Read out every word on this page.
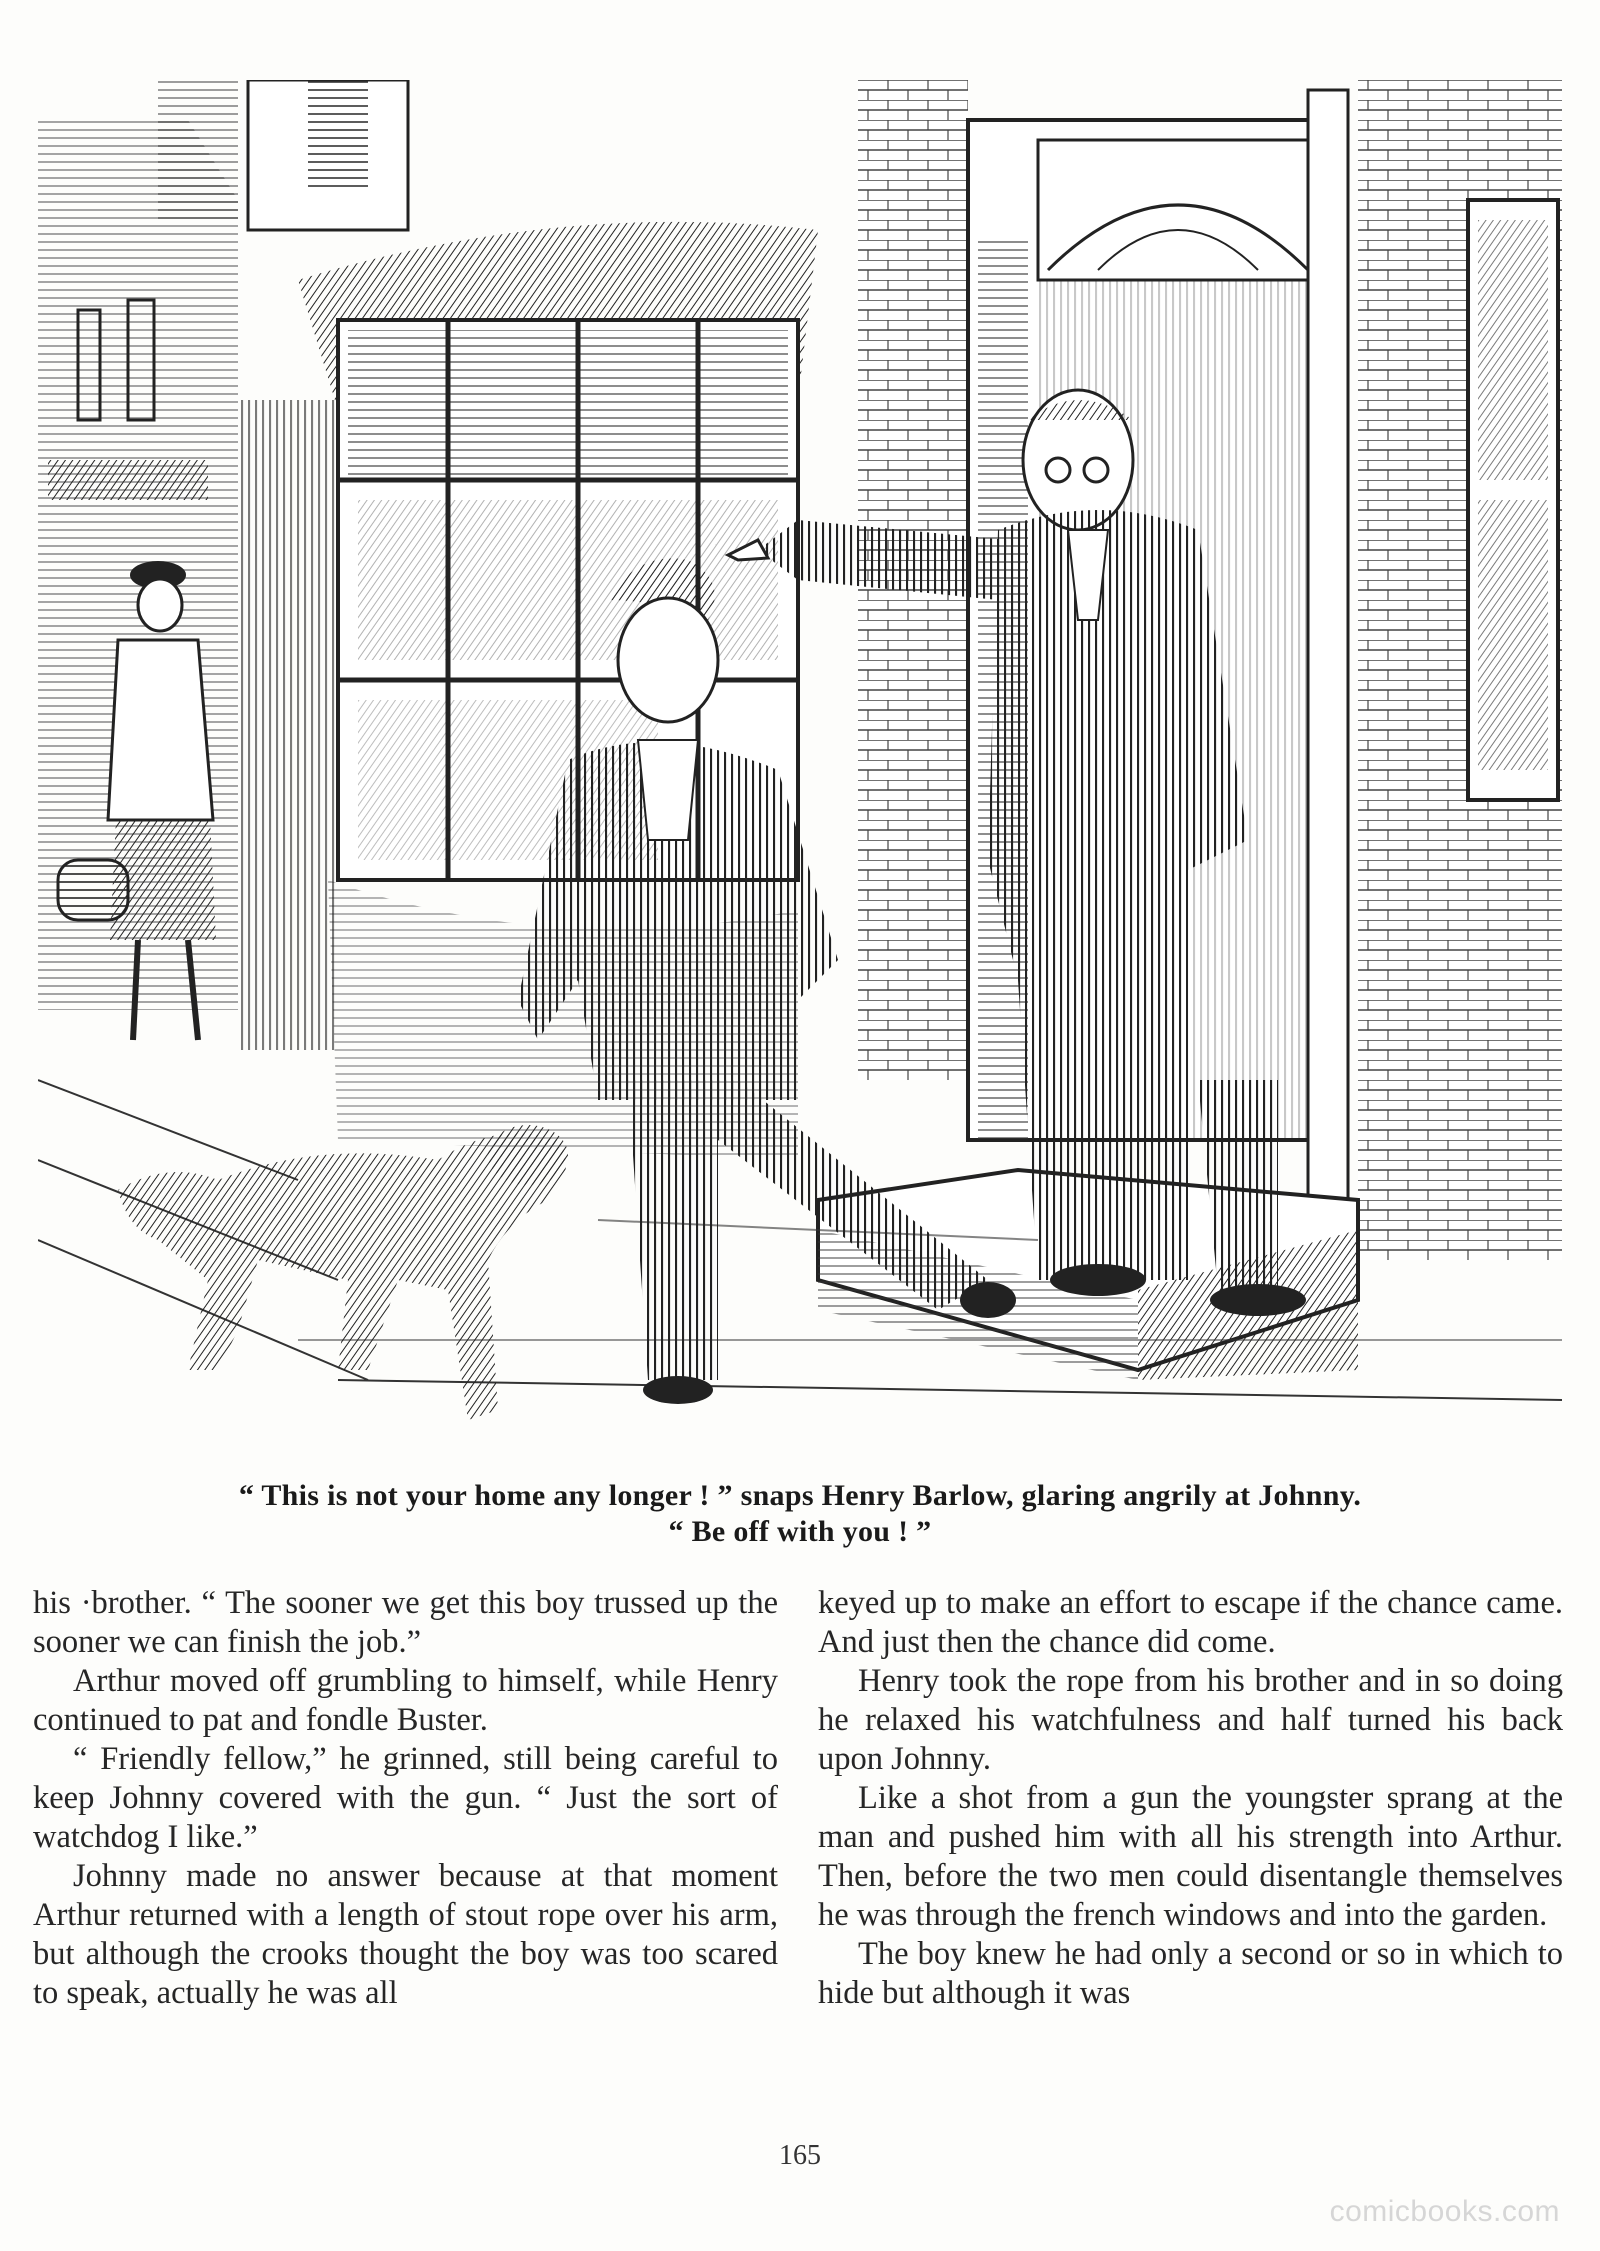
“ This is not your home any longer ! ” snaps Henry Barlow, glaring angrily at Johnny.
“ Be off with you ! ”

his ·brother. “ The sooner we get this boy trussed up the sooner we can finish the job.”

Arthur moved off grumbling to himself, while Henry continued to pat and fondle Buster.

“ Friendly fellow,” he grinned, still being careful to keep Johnny covered with the gun. “ Just the sort of watchdog I like.”

Johnny made no answer because at that moment Arthur returned with a length of stout rope over his arm, but although the crooks thought the boy was too scared to speak, actually he was all

keyed up to make an effort to escape if the chance came. And just then the chance did come.

Henry took the rope from his brother and in so doing he relaxed his watchfulness and half turned his back upon Johnny.

Like a shot from a gun the youngster sprang at the man and pushed him with all his strength into Arthur. Then, before the two men could disentangle themselves he was through the french windows and into the garden.

The boy knew he had only a second or so in which to hide but although it was

165
comicbooks.com
